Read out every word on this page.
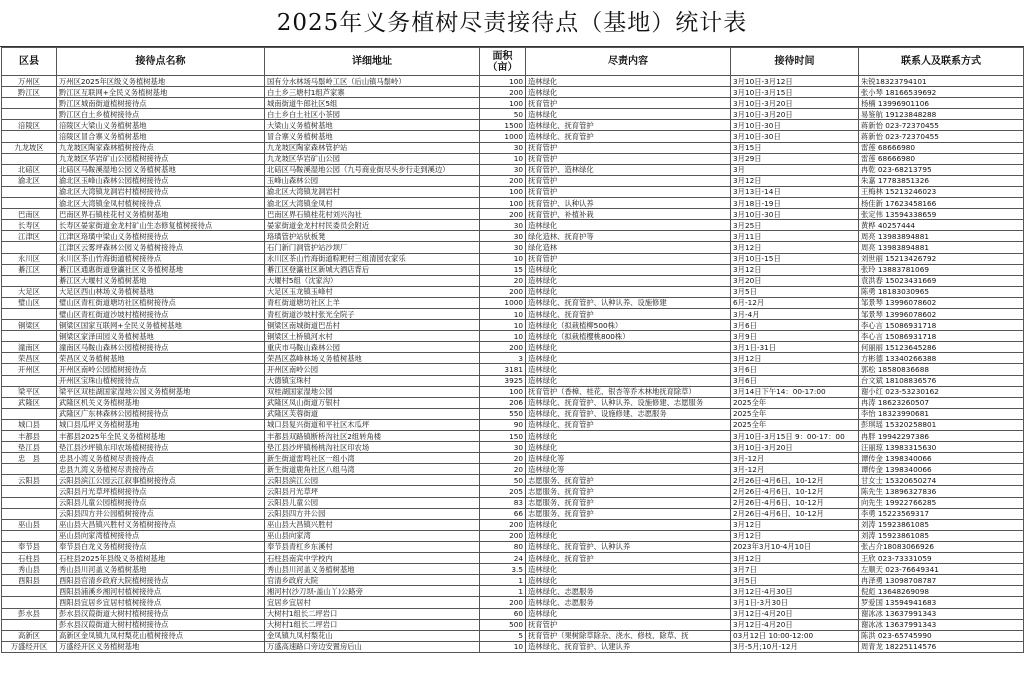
2025年义务植树尽责接待点（基地）统计表
区县	接待点名称	详细地址	面积（亩）	尽责内容	接待时间	联系人及联系方式
万州区	万州区2025年区级义务植树基地	国有分水林场马鬃岭工区（后山镇马鬃岭）	100	造林绿化	3月10日-3月12日	朱锐18323794101
黔江区	黔江区互联网+全民义务植树基地	白土乡三塘村1组芦家寨	200	造林绿化	3月10日-3月15日	张小琴 18166539692
	黔江区城南街道植树接待点	城南街道牛郎社区5组	100	抚育管护	3月10日-3月20日	杨楠 13996901106
	黔江区白土乡植树接待点	白土乡白土社区小茶园	50	造林绿化	3月10日-3月20日	易鉴航 19123848288
涪陵区	涪陵区大梁山义务植树基地	大梁山义务植树基地	1500	造林绿化、抚育管护	3月10日-30日	蒋新怡 023-72370455
	涪陵区冒合寨义务植树基地	冒合寨义务植树基地	1000	造林绿化、抚育管护	3月10日-30日	蒋新怡 023-72370455
九龙坡区	九龙坡区陶家森林植树接待点	九龙坡区陶家森林管护站	30	抚育管护	3月15日	雷莲 68666980
	九龙坡区华岩矿山公园植树接待点	九龙坡区华岩矿山公园	10	抚育管护	3月29日	雷莲 68666980
北碚区	北碚区马鞍溪湿地公园义务植树基地	北碚区马鞍溪湿地公园（九号商业街尽头步行走到溪边）	30	抚育管护、造林绿化	3月	冉乾 023-68213795
渝北区	渝北区玉峰山森林公园植树接待点	玉峰山森林公园	200	抚育管护	3月12日	朱嘉 17783851326
	渝北区大湾镇龙洞岩村植树接待点	渝北区大湾镇龙洞岩村	100	抚育管护	3月13日-14日	王梅林 15213246023
	渝北区大湾镇金凤村植树接待点	渝北区大湾镇金凤村	100	抚育管护、认种认养	3月18日-19日	杨佳新 17623458166
巴南区	巴南区界石镇桂花村义务植树基地	巴南区界石镇桂花村刘兴沟社	200	抚育管护、补植补栽	3月10日-30日	张定伟 13594338659
长寿区	长寿区晏家街道金龙村矿山生态修复植树接待点	晏家街道金龙村村民委员会附近	30	造林绿化	3月25日	黄桦 40257444
江津区	江津区珞璜中梁山义务植树接待点	珞璜管护站驮板凳	30	绿化造林、抚育护等	3月11日	周亮 13983894881
	江津区云雾坪森林公园义务植树接待点	石门新门洞管护站沙坝厂	30	绿化造林	3月12日	周亮 13983894881
永川区	永川区茶山竹海街道植树接待点	永川区茶山竹海街道粽粑村三组清园农家乐	10	抚育管护	3月10日-15日	刘世丽 15213426792
綦江区	綦江区通惠街道登瀛社区义务植树基地	綦江区登瀛社区新城大酒店背后	15	造林绿化	3月12日	张玲 13883781069
	綦江区大堰村义务植树基地	大堰村5组（沈家沟）	20	造林绿化	3月20日	袁洪春 15023431669
大足区	大足区西山林场义务植树基地	大足区玉龙镇玉峰村	200	造林绿化	3月5日	陈勇 18183030965
璧山区	璧山区青杠街道塘坊社区植树接待点	青杠街道塘坊社区上羊	1000	造林绿化、抚育管护、认种认养、设施修建	6月-12月	邹景琴 13996078602
	璧山区青杠街道沙坡村植树接待点	青杠街道沙坡村张光全院子	10	造林绿化、抚育管护	3月-4月	邹景琴 13996078602
铜梁区	铜梁区国家互联网+全民义务植树基地	铜梁区南城街道巴岳村	10	造林绿化（拟栽植柳500株）	3月6日	李心言 15086931718
	铜梁区家泽田园义务植树基地	铜梁区土桥镇河水村	10	造林绿化（拟栽植樱桃800株）	3月9日	李心言 15086931718
潼南区	潼南区马鞍山森林公园植树接待点	重庆市马鞍山森林公园	200	造林绿化	3月1日-31日	何丽丽 15123645286
荣昌区	荣昌区义务植树基地	荣昌区荔峰林场义务植树基地	3	造林绿化	3月12日	方彬德 13340266388
开州区	开州区南岭公园植树接待点	开州区南岭公园	3181	造林绿化	3月6日	郭松 18580836688
	开州区宝珠山植树接待点	大德镇宝珠村	3925	造林绿化	3月6日	台文斌 18108836576
梁平区	梁平区双桂湖国家湿地公园义务植树基地	双桂湖国家湿地公园	100	抚育管护（香樟、桂花、银杏等乔木林地抚育除草）	3月14日下午14：00-17:00	谢小红 023-53230162
武隆区	武隆区机关义务植树基地	武隆区凤山街道万银村	206	造林绿化、抚育管护、认种认养、设施修建、志愿服务	2025全年	冉涛 18623260507
	武隆区广东林森林公园植树接待点	武隆区芙蓉街道	550	造林绿化、抚育管护、设施修建、志愿服务	2025全年	李怡 18323990681
城口县	城口县瓜坪义务植树基地	城口县复兴街道和平社区木瓜坪	90	造林绿化、抚育管护	2025全年	彭琪瑶 15320258801
丰都县	丰都县2025年全民义务植树基地	丰都县双路镇断桥沟社区2组转角楼	150	造林绿化	3月10日-3月15日 9：00-17：00	冉胖 19942297386
垫江县	垫江县沙坪镇东印农场植树接待点	垫江县沙坪镇杨桃沟社区印农场	30	造林绿化	3月10日-3月20日	汪丽琼 13983315630
忠　县	忠县小湾义务植树尽责接待点	新生街道雷鸣社区一组小湾	20	造林绿化等	3月-12月	谭传金 1398340066
	忠县九湾义务植树尽责接待点	新生街道鹿角社区八组马湾	20	造林绿化等	3月-12月	谭传金 1398340066
云阳县	云阳县滨江公园云江叙事植树接待点	云阳县滨江公园	50	志愿服务、抚育管护	2月26日-4月6日、10-12月	甘女士 15320650274
	云阳县月光草坪植树接待点	云阳县月光草坪	205	志愿服务、抚育管护	2月26日-4月6日、10-12月	陈先生 13896327836
	云阳县儿童公园植树接待点	云阳县儿童公园	83	志愿服务、抚育管护	2月26日-4月6日、10-12月	向先生 19922766285
	云阳县四方井公园植树接待点	云阳县四方井公园	66	志愿服务、抚育管护	2月26日-4月6日、10-12月	李勇 15223569317
巫山县	巫山县大昌镇兴胜村义务植树接待点	巫山县大昌镇兴胜村	200	造林绿化	3月12日	刘涛 15923861085
	巫山县向家湾植树接待点	巫山县向家湾	200	造林绿化	3月12日	刘涛 15923861085
奉节县	奉节县白龙义务植树接待点	奉节县青杠乡东溪村	80	造林绿化、抚育管护、认种认养	2023年3月10-4月10日	张占介18083066926
石柱县	石柱县2025年县级义务植树基地	石柱县南宾中学校内	24	造林绿化、抚育管护	3月12日	王欣 023-73331059
秀山县	秀山县川河盖义务植树基地	秀山县川河盖义务植树基地	3.5	造林绿化	3月7日	左顺天 023-76649341
酉阳县	酉阳县官清乡政府大院植树接待点	官清乡政府大院	1	造林绿化	3月5日	冉泽勇 13098708787
	酉阳县浦溪乡湘河村植树接待点	湘河村(沙刀坝-盖山丫)公路旁	1	造林绿化、志愿服务	3月12日-4月30日	倪彪 13648269098
	酉阳县宜居乡宜居村植树接待点	宜居乡宜居村	200	造林绿化、志愿服务	3月1日-3月30日	罗爱国 13594941683
彭水县	彭水县汉葭街道大树村植树接待点	大树村1组长二坪岩口	60	造林绿化	3月12日-4月20日	谢冰冰 13637991343
	彭水县汉葭街道大树村植树接待点	大树村1组长二坪岩口	500	抚育管护	3月12日-4月20日	谢冰冰 13637991343
高新区	高新区金凤镇九凤村梨花山植树接待点	金凤镇九凤村梨花山	5	抚育管护（果树除草除杂、浇水、修枝、除草、抚	03月12日 10:00-12:00	陈洪 023-65745990
万盛经开区	万盛经开区义务植树基地	万盛高速路口旁边安置房后山	10	造林绿化、抚育管护、认建认养	3月-5月;10月-12月	周青龙 18225114576
